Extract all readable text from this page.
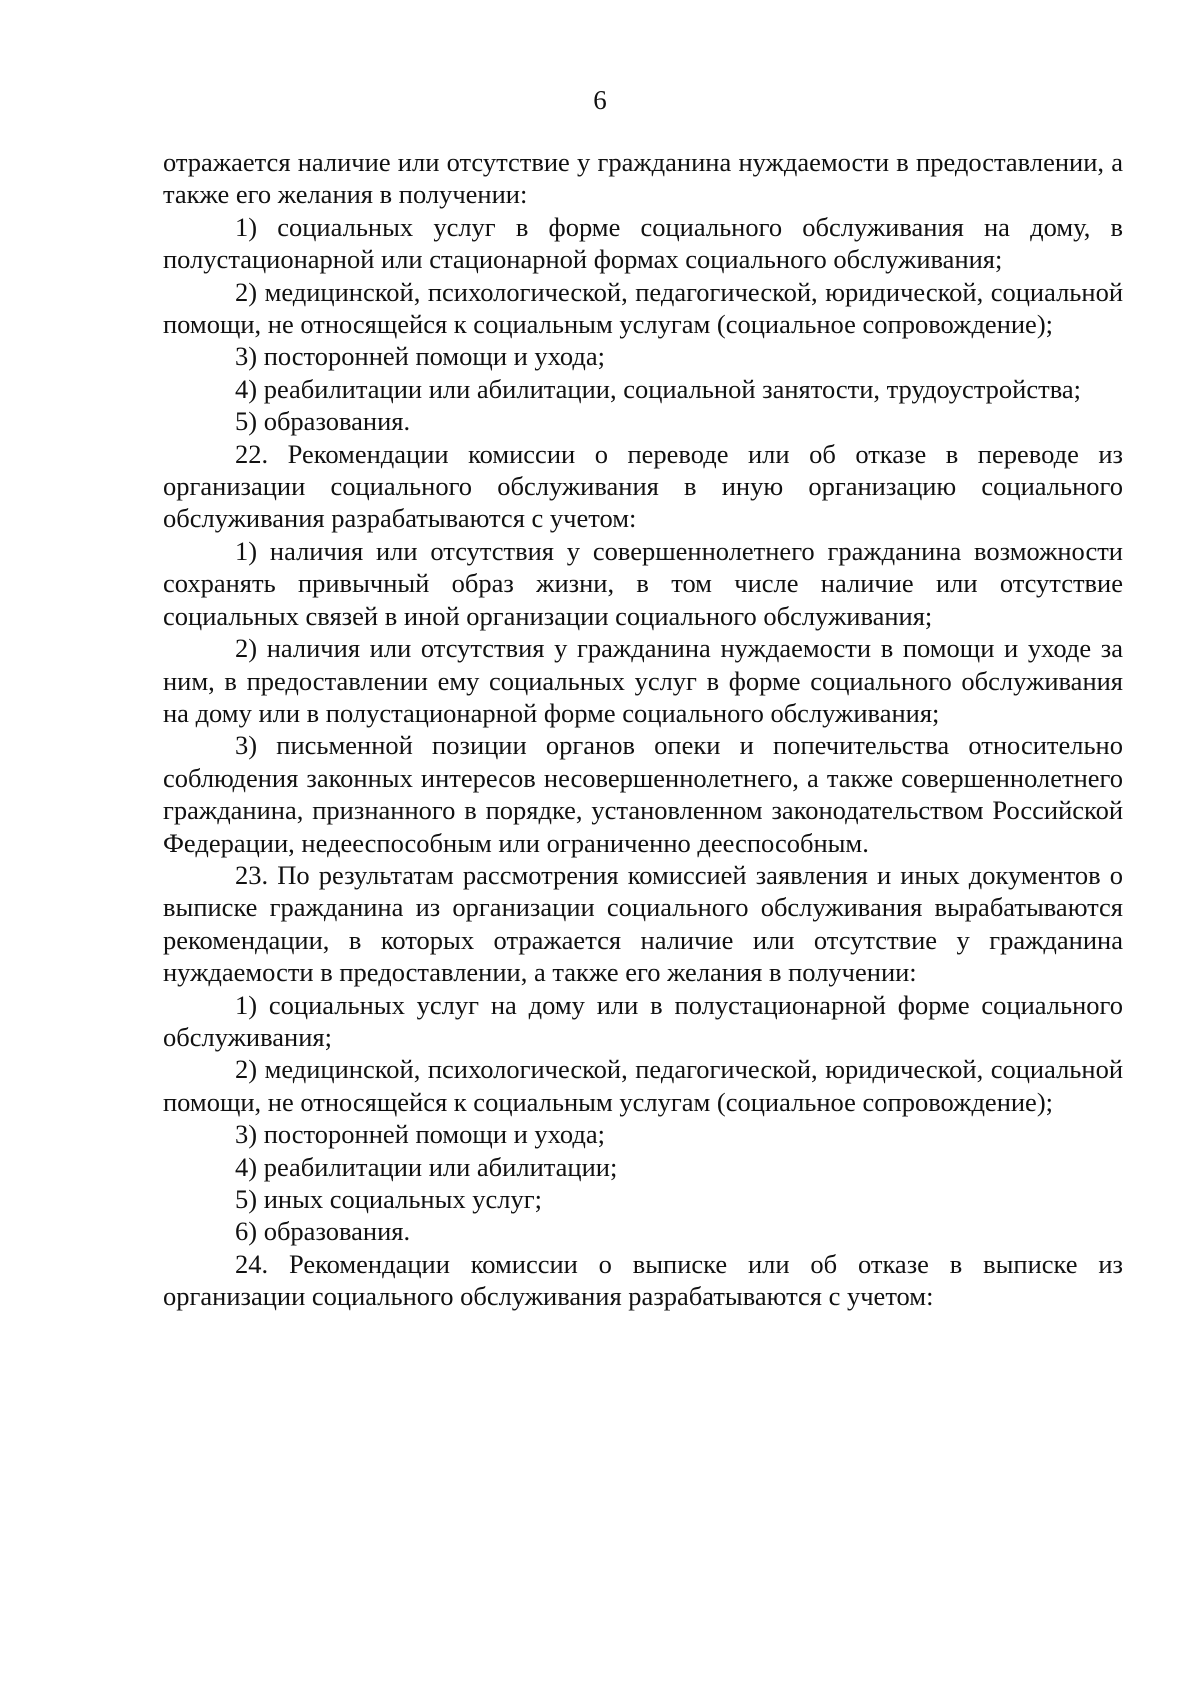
6

отражается наличие или отсутствие у гражданина нуждаемости в предоставлении, а также его желания в получении:

1) социальных услуг в форме социального обслуживания на дому, в полустационарной или стационарной формах социального обслуживания;

2) медицинской, психологической, педагогической, юридической, социальной помощи, не относящейся к социальным услугам (социальное сопровождение);

3) посторонней помощи и ухода;

4) реабилитации или абилитации, социальной занятости, трудоустройства;

5) образования.

22. Рекомендации комиссии о переводе или об отказе в переводе из организации социального обслуживания в иную организацию социального обслуживания разрабатываются с учетом:

1) наличия или отсутствия у совершеннолетнего гражданина возможности сохранять привычный образ жизни, в том числе наличие или отсутствие социальных связей в иной организации социального обслуживания;

2) наличия или отсутствия у гражданина нуждаемости в помощи и уходе за ним, в предоставлении ему социальных услуг в форме социального обслуживания на дому или в полустационарной форме социального обслуживания;

3) письменной позиции органов опеки и попечительства относительно соблюдения законных интересов несовершеннолетнего, а также совершеннолетнего гражданина, признанного в порядке, установленном законодательством Российской Федерации, недееспособным или ограниченно дееспособным.

23. По результатам рассмотрения комиссией заявления и иных документов о выписке гражданина из организации социального обслуживания вырабатываются рекомендации, в которых отражается наличие или отсутствие у гражданина нуждаемости в предоставлении, а также его желания в получении:

1) социальных услуг на дому или в полустационарной форме социального обслуживания;

2) медицинской, психологической, педагогической, юридической, социальной помощи, не относящейся к социальным услугам (социальное сопровождение);

3) посторонней помощи и ухода;

4) реабилитации или абилитации;

5) иных социальных услуг;

6) образования.

24. Рекомендации комиссии о выписке или об отказе в выписке из организации социального обслуживания разрабатываются с учетом:
